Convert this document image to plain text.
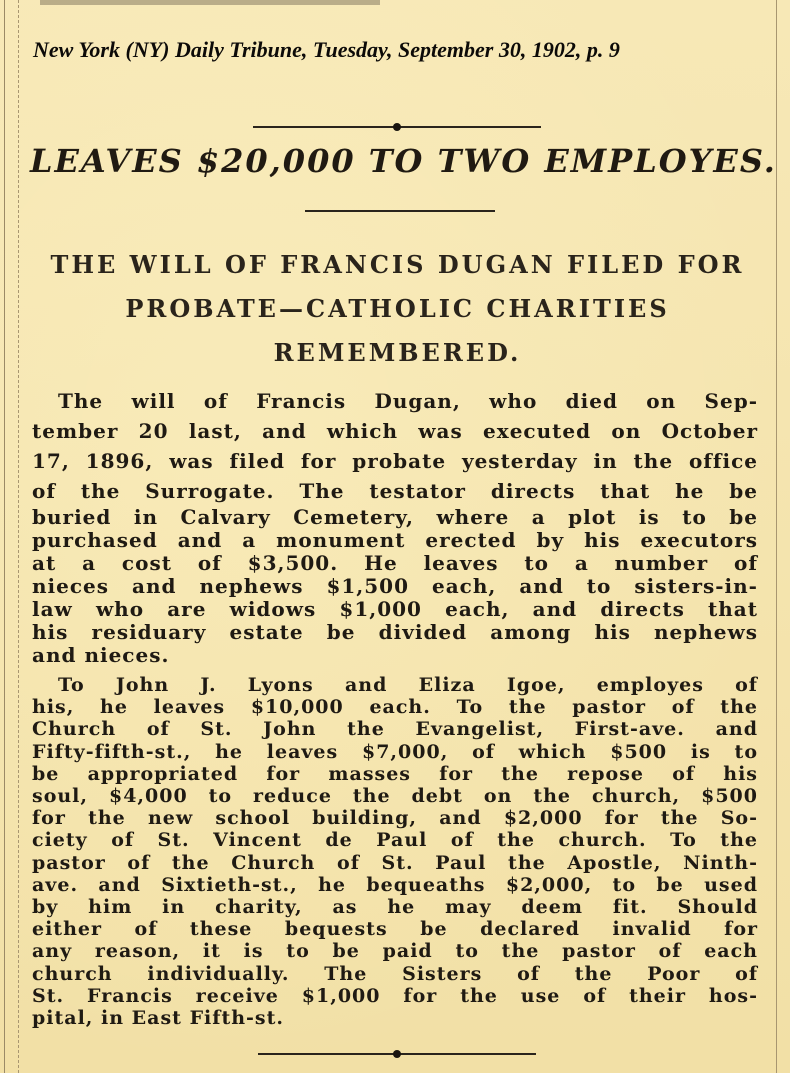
New York (NY) Daily Tribune, Tuesday, September 30, 1902, p. 9
LEAVES $20,000 TO TWO EMPLOYES.
THE WILL OF FRANCIS DUGAN FILED FOR
PROBATE—CATHOLIC CHARITIES
REMEMBERED.
The will of Francis Dugan, who died on Sep-
tember 20 last, and which was executed on October
17, 1896, was filed for probate yesterday in the office
of the Surrogate. The testator directs that he be
buried in Calvary Cemetery, where a plot is to be
purchased and a monument erected by his executors
at a cost of $3,500. He leaves to a number of
nieces and nephews $1,500 each, and to sisters-in-
law who are widows $1,000 each, and directs that
his residuary estate be divided among his nephews
and nieces.
To John J. Lyons and Eliza Igoe, employes of
his, he leaves $10,000 each. To the pastor of the
Church of St. John the Evangelist, First-ave. and
Fifty-fifth-st., he leaves $7,000, of which $500 is to
be appropriated for masses for the repose of his
soul, $4,000 to reduce the debt on the church, $500
for the new school building, and $2,000 for the So-
ciety of St. Vincent de Paul of the church. To the
pastor of the Church of St. Paul the Apostle, Ninth-
ave. and Sixtieth-st., he bequeaths $2,000, to be used
by him in charity, as he may deem fit. Should
either of these bequests be declared invalid for
any reason, it is to be paid to the pastor of each
church individually. The Sisters of the Poor of
St. Francis receive $1,000 for the use of their hos-
pital, in East Fifth-st.
